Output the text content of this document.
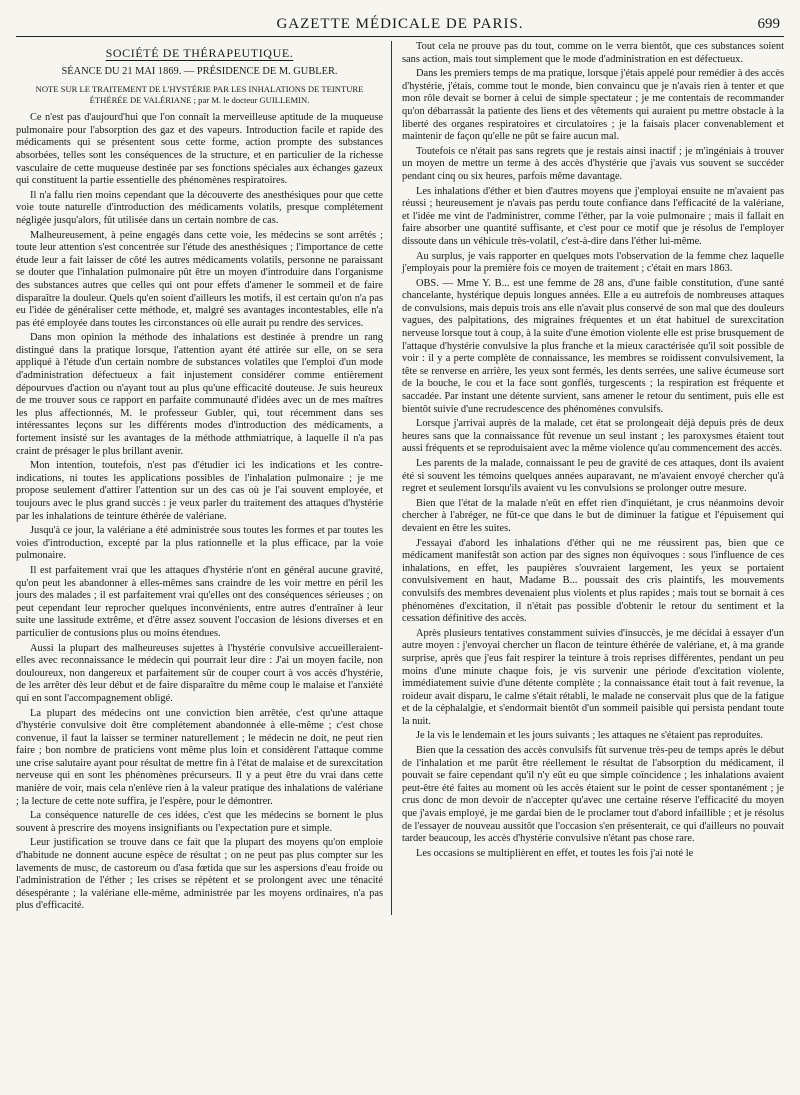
GAZETTE MÉDICALE DE PARIS.	699
SOCIÉTÉ DE THÉRAPEUTIQUE.
SÉANCE DU 21 MAI 1869. — PRÉSIDENCE DE M. GUBLER.
NOTE SUR LE TRAITEMENT DE L'HYSTÉRIE PAR LES INHALATIONS DE TEINTURE ÉTHÉRÉE DE VALÉRIANE ; par M. le docteur GUILLEMIN.

Ce n'est pas d'aujourd'hui que l'on connaît la merveilleuse aptitude de la muqueuse pulmonaire pour l'absorption des gaz et des vapeurs. Introduction facile et rapide des médicaments qui se présentent sous cette forme, action prompte des substances absorbées, telles sont les conséquences de la structure, et en particulier de la richesse vasculaire de cette muqueuse destinée par ses fonctions spéciales aux échanges gazeux qui constituent la partie essentielle des phénomènes respiratoires.

Il n'a fallu rien moins cependant que la découverte des anesthésiques pour que cette voie toute naturelle d'introduction des médicaments volatils, presque complétement négligée jusqu'alors, fût utilisée dans un certain nombre de cas.

Malheureusement, à peine engagés dans cette voie, les médecins se sont arrêtés ; toute leur attention s'est concentrée sur l'étude des anesthésiques ; l'importance de cette étude leur a fait laisser de côté les autres médicaments volatils, personne ne paraissant se douter que l'inhalation pulmonaire pût être un moyen d'introduire dans l'organisme des substances autres que celles qui ont pour effets d'amener le sommeil et de faire disparaître la douleur. Quels qu'en soient d'ailleurs les motifs, il est certain qu'on n'a pas eu l'idée de généraliser cette méthode, et, malgré ses avantages incontestables, elle n'a pas été employée dans toutes les circonstances où elle aurait pu rendre des services.

Dans mon opinion la méthode des inhalations est destinée à prendre un rang distingué dans la pratique lorsque, l'attention ayant été attirée sur elle, on se sera appliqué à l'étude d'un certain nombre de substances volatiles que l'emploi d'un mode d'administration défectueux a fait injustement considérer comme entièrement dépourvues d'action ou n'ayant tout au plus qu'une efficacité douteuse. Je suis heureux de me trouver sous ce rapport en parfaite communauté d'idées avec un de mes maîtres les plus affectionnés, M. le professeur Gubler, qui, tout récemment dans ses intéressantes leçons sur les différents modes d'introduction des médicaments, a fortement insisté sur les avantages de la méthode atthmiatrique, à laquelle il n'a pas craint de présager le plus brillant avenir.

Mon intention, toutefois, n'est pas d'étudier ici les indications et les contre-indications, ni toutes les applications possibles de l'inhalation pulmonaire ; je me propose seulement d'attirer l'attention sur un des cas où je l'ai souvent employée, et toujours avec le plus grand succès : je veux parler du traitement des attaques d'hystérie par les inhalations de teinture éthérée de valériane.

Jusqu'à ce jour, la valériane a été administrée sous toutes les formes et par toutes les voies d'introduction, excepté par la plus rationnelle et la plus efficace, par la voie pulmonaire.

Il est parfaitement vrai que les attaques d'hystérie n'ont en général aucune gravité, qu'on peut les abandonner à elles-mêmes sans craindre de les voir mettre en péril les jours des malades ; il est parfaitement vrai qu'elles ont des conséquences sérieuses ; on peut cependant leur reprocher quelques inconvénients, entre autres d'entraîner à leur suite une lassitude extrême, et d'être assez souvent l'occasion de lésions diverses et en particulier de contusions plus ou moins étendues.

Aussi la plupart des malheureuses sujettes à l'hystérie convulsive accueilleraient-elles avec reconnaissance le médecin qui pourrait leur dire : J'ai un moyen facile, non douloureux, non dangereux et parfaitement sûr de couper court à vos accès d'hystérie, de les arrêter dès leur début et de faire disparaître du même coup le malaise et l'anxiété qui en sont l'accompagnement obligé.

La plupart des médecins ont une conviction bien arrêtée, c'est qu'une attaque d'hystérie convulsive doit être complétement abandonnée à elle-même ; c'est chose convenue, il faut la laisser se terminer naturellement ; le médecin ne doit, ne peut rien faire ; bon nombre de praticiens vont même plus loin et considèrent l'attaque comme une crise salutaire ayant pour résultat de mettre fin à l'état de malaise et de surexcitation nerveuse qui en sont les phénomènes précurseurs. Il y a peut être du vrai dans cette manière de voir, mais cela n'enlève rien à la valeur pratique des inhalations de valériane ; la lecture de cette note suffira, je l'espère, pour le démontrer.

La conséquence naturelle de ces idées, c'est que les médecins se bornent le plus souvent à prescrire des moyens insignifiants ou l'expectation pure et simple.

Leur justification se trouve dans ce fait que la plupart des moyens qu'on emploie d'habitude ne donnent aucune espèce de résultat ; on ne peut pas plus compter sur les lavements de musc, de castoreum ou d'asa fœtida que sur les aspersions d'eau froide ou l'administration de l'éther ; les crises se répètent et se prolongent avec une ténacité désespérante ; la valériane elle-même, administrée par les moyens ordinaires, n'a pas plus d'efficacité.

Tout cela ne prouve pas du tout, comme on le verra bientôt, que ces substances soient sans action, mais tout simplement que le mode d'administration en est défectueux.

Dans les premiers temps de ma pratique, lorsque j'étais appelé pour remédier à des accès d'hystérie, j'étais, comme tout le monde, bien convaincu que je n'avais rien à tenter et que mon rôle devait se borner à celui de simple spectateur ; je me contentais de recommander qu'on débarrassât la patiente des liens et des vêtements qui auraient pu mettre obstacle à la liberté des organes respiratoires et circulatoires ; je la faisais placer convenablement et maintenir de façon qu'elle ne pût se faire aucun mal.

Toutefois ce n'était pas sans regrets que je restais ainsi inactif ; je m'ingéniais à trouver un moyen de mettre un terme à des accès d'hystérie que j'avais vus souvent se succéder pendant cinq ou six heures, parfois même davantage.

Les inhalations d'éther et bien d'autres moyens que j'employai ensuite ne m'avaient pas réussi ; heureusement je n'avais pas perdu toute confiance dans l'efficacité de la valériane, et l'idée me vint de l'administrer, comme l'éther, par la voie pulmonaire ; mais il fallait en faire absorber une quantité suffisante, et c'est pour ce motif que je résolus de l'employer dissoute dans un véhicule très-volatil, c'est-à-dire dans l'éther lui-même.

Au surplus, je vais rapporter en quelques mots l'observation de la femme chez laquelle j'employais pour la première fois ce moyen de traitement ; c'était en mars 1863.

OBS. — Mme Y. B... est une femme de 28 ans, d'une faible constitution, d'une santé chancelante, hystérique depuis longues années. Elle a eu autrefois de nombreuses attaques de convulsions, mais depuis trois ans elle n'avait plus conservé de son mal que des douleurs vagues, des palpitations, des migraines fréquentes et un état habituel de surexcitation nerveuse lorsque tout à coup, à la suite d'une émotion violente elle est prise brusquement de l'attaque d'hystérie convulsive la plus franche et la mieux caractérisée qu'il soit possible de voir : il y a perte complète de connaissance, les membres se roidissent convulsivement, la tête se renverse en arrière, les yeux sont fermés, les dents serrées, une salive écumeuse sort de la bouche, le cou et la face sont gonflés, turgescents ; la respiration est fréquente et saccadée. Par instant une détente survient, sans amener le retour du sentiment, puis elle est bientôt suivie d'une recrudescence des phénomènes convulsifs.

Lorsque j'arrivai auprès de la malade, cet état se prolongeait déjà depuis près de deux heures sans que la connaissance fût revenue un seul instant ; les paroxysmes étaient tout aussi fréquents et se reproduisaient avec la même violence qu'au commencement des accès.

Les parents de la malade, connaissant le peu de gravité de ces attaques, dont ils avaient été si souvent les témoins quelques années auparavant, ne m'avaient envoyé chercher qu'à regret et seulement lorsqu'ils avaient vu les convulsions se prolonger outre mesure.

Bien que l'état de la malade n'eût en effet rien d'inquiétant, je crus néanmoins devoir chercher à l'abréger, ne fût-ce que dans le but de diminuer la fatigue et l'épuisement qui devaient en être les suites.

J'essayai d'abord les inhalations d'éther qui ne me réussirent pas, bien que ce médicament manifestât son action par des signes non équivoques : sous l'influence de ces inhalations, en effet, les paupières s'ouvraient largement, les yeux se portaient convulsivement en haut, Madame B... poussait des cris plaintifs, les mouvements convulsifs des membres devenaient plus violents et plus rapides ; mais tout se bornait à ces phénomènes d'excitation, il n'était pas possible d'obtenir le retour du sentiment et la cessation définitive des accès.

Après plusieurs tentatives constamment suivies d'insuccès, je me décidai à essayer d'un autre moyen : j'envoyai chercher un flacon de teinture éthérée de valériane, et, à ma grande surprise, après que j'eus fait respirer la teinture à trois reprises différentes, pendant un peu moins d'une minute chaque fois, je vis survenir une période d'excitation violente, immédiatement suivie d'une détente complète ; la connaissance était tout à fait revenue, la roideur avait disparu, le calme s'était rétabli, le malade ne conservait plus que de la fatigue et de la céphalalgie, et s'endormait bientôt d'un sommeil paisible qui persista pendant toute la nuit.

Je la vis le lendemain et les jours suivants ; les attaques ne s'étaient pas reproduites.

Bien que la cessation des accès convulsifs fût survenue très-peu de temps après le début de l'inhalation et me parût être réellement le résultat de l'absorption du médicament, il pouvait se faire cependant qu'il n'y eût eu que simple coïncidence ; les inhalations avaient peut-être été faites au moment où les accès étaient sur le point de cesser spontanément ; je crus donc de mon devoir de n'accepter qu'avec une certaine réserve l'efficacité du moyen que j'avais employé, je me gardai bien de le proclamer tout d'abord infaillible ; et je résolus de l'essayer de nouveau aussitôt que l'occasion s'en présenterait, ce qui d'ailleurs no pouvait tarder beaucoup, les accès d'hystérie convulsive n'étant pas chose rare.

Les occasions se multiplièrent en effet, et toutes les fois j'ai noté le
